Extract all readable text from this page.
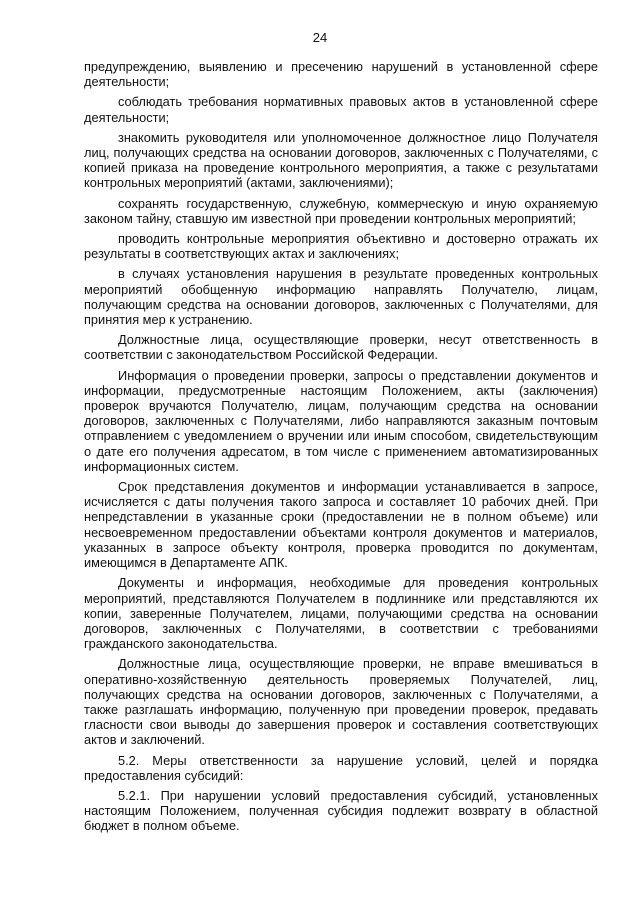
24

предупреждению, выявлению и пресечению нарушений в установленной сфере деятельности;

соблюдать требования нормативных правовых актов в установленной сфере деятельности;

знакомить руководителя или уполномоченное должностное лицо Получателя лиц, получающих средства на основании договоров, заключенных с Получателями, с копией приказа на проведение контрольного мероприятия, а также с результатами контрольных мероприятий (актами, заключениями);

сохранять государственную, служебную, коммерческую и иную охраняемую законом тайну, ставшую им известной при проведении контрольных мероприятий;

проводить контрольные мероприятия объективно и достоверно отражать их результаты в соответствующих актах и заключениях;

в случаях установления нарушения в результате проведенных контрольных мероприятий обобщенную информацию направлять Получателю, лицам, получающим средства на основании договоров, заключенных с Получателями, для принятия мер к устранению.

Должностные лица, осуществляющие проверки, несут ответственность в соответствии с законодательством Российской Федерации.

Информация о проведении проверки, запросы о представлении документов и информации, предусмотренные настоящим Положением, акты (заключения) проверок вручаются Получателю, лицам, получающим средства на основании договоров, заключенных с Получателями, либо направляются заказным почтовым отправлением с уведомлением о вручении или иным способом, свидетельствующим о дате его получения адресатом, в том числе с применением автоматизированных информационных систем.

Срок представления документов и информации устанавливается в запросе, исчисляется с даты получения такого запроса и составляет 10 рабочих дней. При непредставлении в указанные сроки (предоставлении не в полном объеме) или несвоевременном предоставлении объектами контроля документов и материалов, указанных в запросе объекту контроля, проверка проводится по документам, имеющимся в Департаменте АПК.

Документы и информация, необходимые для проведения контрольных мероприятий, представляются Получателем в подлиннике или представляются их копии, заверенные Получателем, лицами, получающими средства на основании договоров, заключенных с Получателями, в соответствии с требованиями гражданского законодательства.

Должностные лица, осуществляющие проверки, не вправе вмешиваться в оперативно-хозяйственную деятельность проверяемых Получателей, лиц, получающих средства на основании договоров, заключенных с Получателями, а также разглашать информацию, полученную при проведении проверок, предавать гласности свои выводы до завершения проверок и составления соответствующих актов и заключений.

5.2. Меры ответственности за нарушение условий, целей и порядка предоставления субсидий:

5.2.1. При нарушении условий предоставления субсидий, установленных настоящим Положением, полученная субсидия подлежит возврату в областной бюджет в полном объеме.
